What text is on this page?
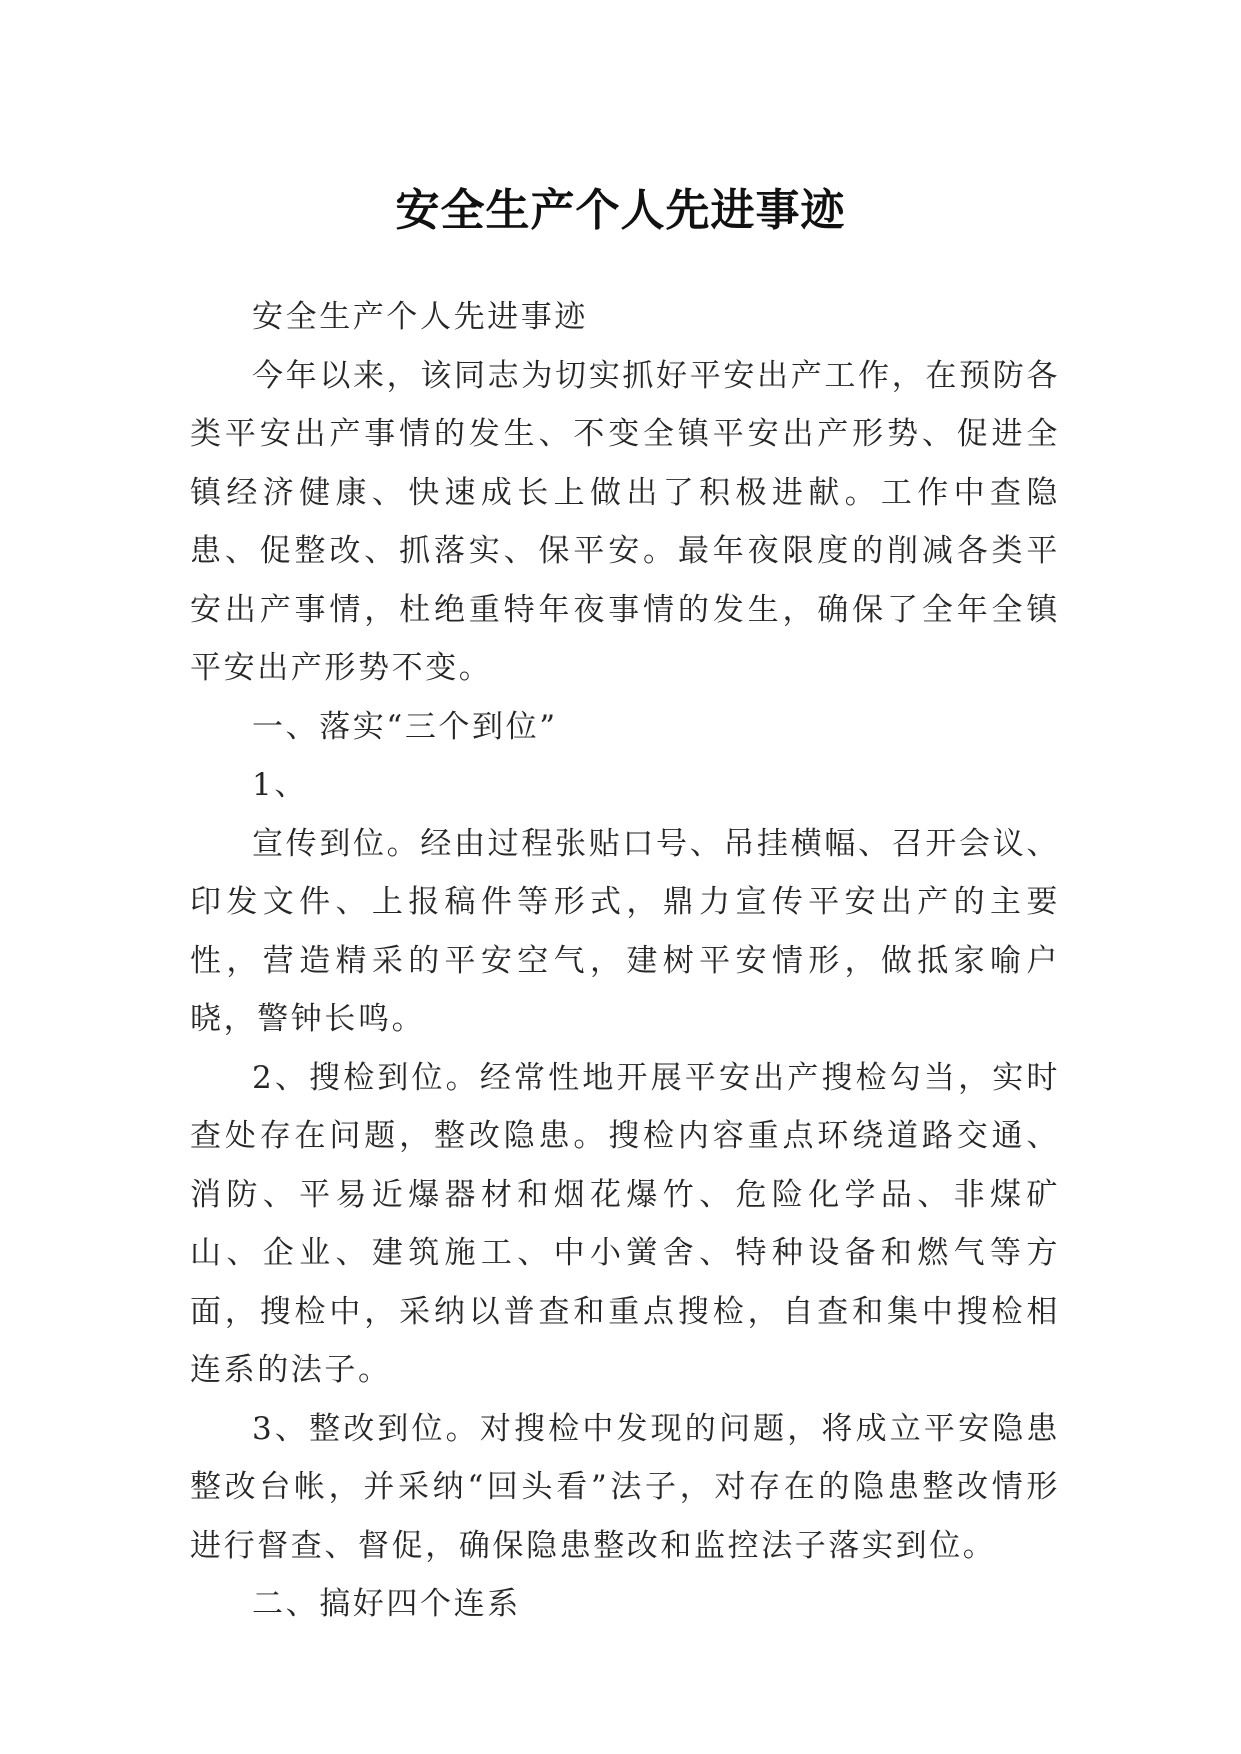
安全生产个人先进事迹

安全生产个人先进事迹

今年以来，该同志为切实抓好平安出产工作，在预防各类平安出产事情的发生、不变全镇平安出产形势、促进全镇经济健康、快速成长上做出了积极进献。工作中查隐患、促整改、抓落实、保平安。最年夜限度的削减各类平安出产事情，杜绝重特年夜事情的发生，确保了全年全镇平安出产形势不变。

一、落实“三个到位”

1、

宣传到位。经由过程张贴口号、吊挂横幅、召开会议、印发文件、上报稿件等形式，鼎力宣传平安出产的主要性，营造精采的平安空气，建树平安情形，做抵家喻户晓，警钟长鸣。

2、搜检到位。经常性地开展平安出产搜检勾当，实时查处存在问题，整改隐患。搜检内容重点环绕道路交通、消防、平易近爆器材和烟花爆竹、危险化学品、非煤矿山、企业、建筑施工、中小黉舍、特种设备和燃气等方面，搜检中，采纳以普查和重点搜检，自查和集中搜检相连系的法子。

3、整改到位。对搜检中发现的问题，将成立平安隐患整改台帐，并采纳“回头看”法子，对存在的隐患整改情形进行督查、督促，确保隐患整改和监控法子落实到位。

二、搞好四个连系
